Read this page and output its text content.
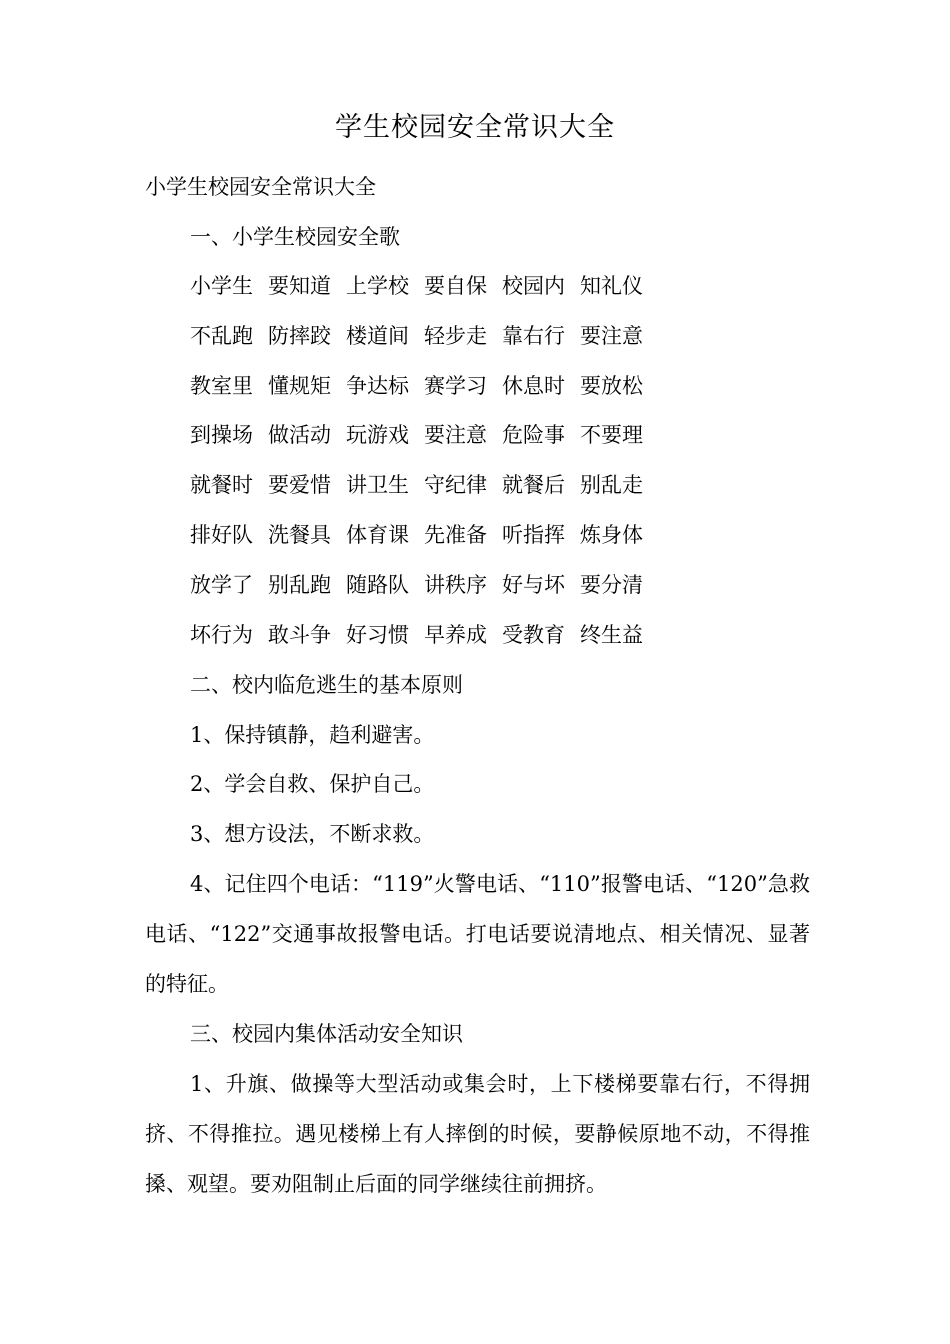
学生校园安全常识大全
小学生校园安全常识大全
一、小学生校园安全歌
小学生 要知道 上学校 要自保 校园内 知礼仪
不乱跑 防摔跤 楼道间 轻步走 靠右行 要注意
教室里 懂规矩 争达标 赛学习 休息时 要放松
到操场 做活动 玩游戏 要注意 危险事 不要理
就餐时 要爱惜 讲卫生 守纪律 就餐后 别乱走
排好队 洗餐具 体育课 先准备 听指挥 炼身体
放学了 别乱跑 随路队 讲秩序 好与坏 要分清
坏行为 敢斗争 好习惯 早养成 受教育 终生益
二、校内临危逃生的基本原则
1、保持镇静，趋利避害。
2、学会自救、保护自己。
3、想方设法，不断求救。
4、记住四个电话：“119”火警电话、“110”报警电话、“120”急救电话、“122”交通事故报警电话。打电话要说清地点、相关情况、显著的特征。
三、校园内集体活动安全知识
1、升旗、做操等大型活动或集会时，上下楼梯要靠右行，不得拥挤、不得推拉。遇见楼梯上有人摔倒的时候，要静候原地不动，不得推搡、观望。要劝阻制止后面的同学继续往前拥挤。
